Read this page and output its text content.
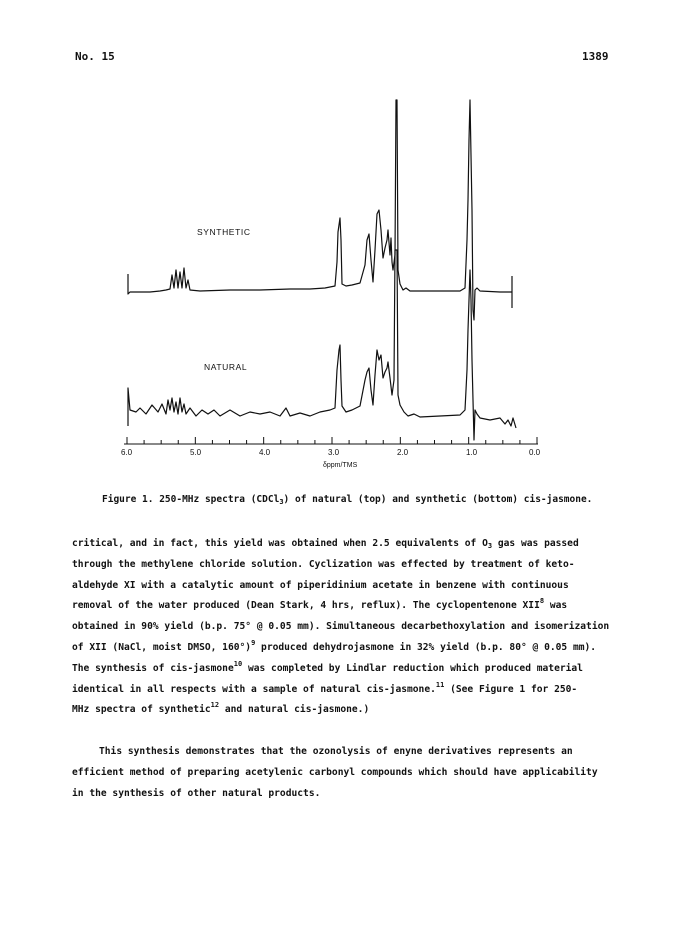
No. 15	1389
SYNTHETIC
NATURAL
6.0	5.0	4.0	3.0	2.0	1.0	0.0
δppm/TMS
Figure 1. 250-MHz spectra (CDCl$_3$) of natural (top) and synthetic (bottom) cis-jasmone.
critical, and in fact, this yield was obtained when 2.5 equivalents of $O_3$ gas was passed
through the methylene chloride solution. Cyclization was effected by treatment of keto-
aldehyde XI with a catalytic amount of piperidinium acetate in benzene with continuous
removal of the water produced (Dean Stark, 4 hrs, reflux). The cyclopentenone XII$^8$ was
obtained in 90% yield (b.p. 75° @ 0.05 mm). Simultaneous decarbethoxylation and isomerization
of XII (NaCl, moist DMSO, 160°)$^9$ produced dehydrojasmone in 32% yield (b.p. 80° @ 0.05 mm).
The synthesis of cis-jasmone$^{10}$ was completed by Lindlar reduction which produced material
identical in all respects with a sample of natural cis-jasmone.$^{11}$ (See Figure 1 for 250-
MHz spectra of synthetic$^{12}$ and natural cis-jasmone.)
This synthesis demonstrates that the ozonolysis of enyne derivatives represents an
efficient method of preparing acetylenic carbonyl compounds which should have applicability
in the synthesis of other natural products.
